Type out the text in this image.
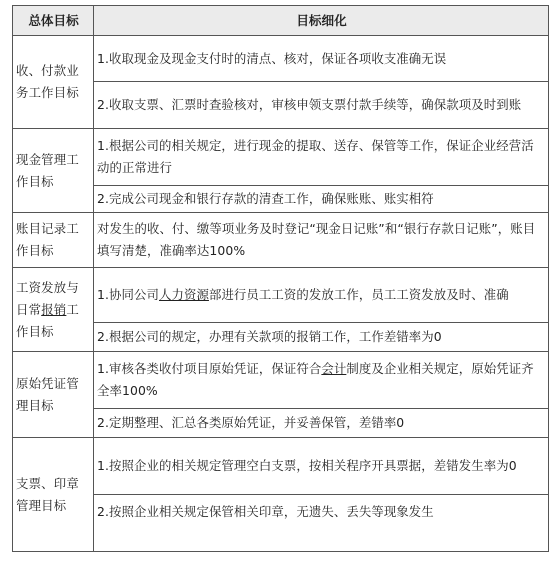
总体目标	目标细化
收、付款业务工作目标	1.收取现金及现金支付时的清点、核对，保证各项收支准确无误
	2.收取支票、汇票时查验核对，审核申领支票付款手续等，确保款项及时到账
现金管理工作目标	1.根据公司的相关规定，进行现金的提取、送存、保管等工作，保证企业经营活动的正常进行
	2.完成公司现金和银行存款的清查工作，确保账账、账实相符
账目记录工作目标	对发生的收、付、缴等项业务及时登记“现金日记账”和“银行存款日记账”，账目填写清楚，准确率达100%
工资发放与日常报销工作目标	1.协同公司人力资源部进行员工工资的发放工作，员工工资发放及时、准确
	2.根据公司的规定，办理有关款项的报销工作，工作差错率为0
原始凭证管理目标	1.审核各类收付项目原始凭证，保证符合会计制度及企业相关规定，原始凭证齐全率100%
	2.定期整理、汇总各类原始凭证，并妥善保管，差错率0
支票、印章管理目标	1.按照企业的相关规定管理空白支票，按相关程序开具票据，差错发生率为0
	2.按照企业相关规定保管相关印章，无遗失、丢失等现象发生
